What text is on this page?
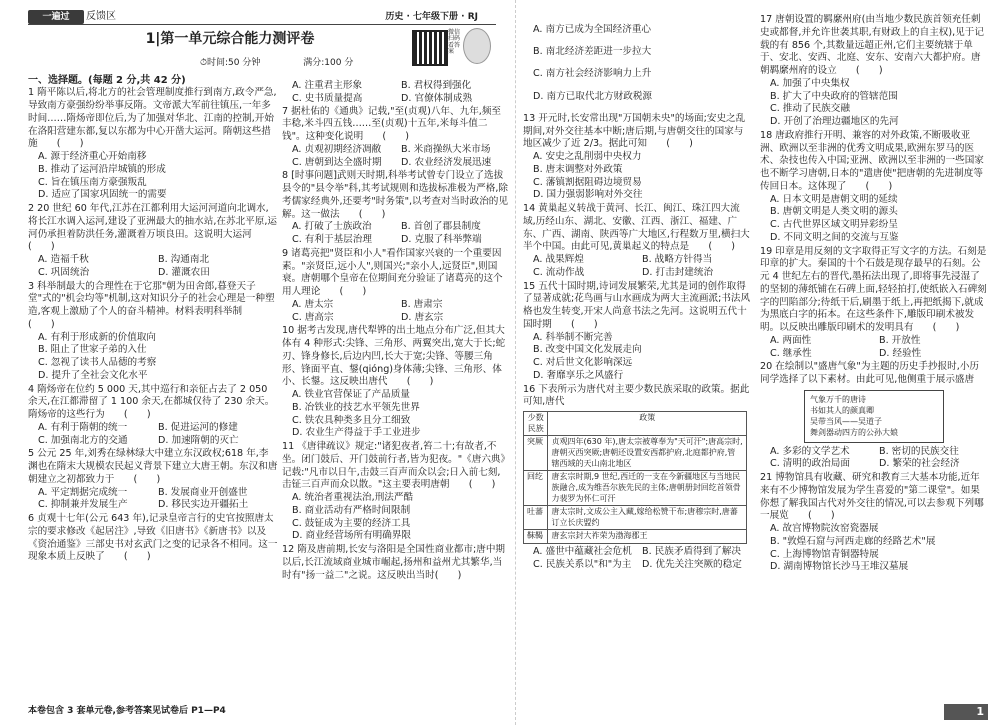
一遍过	反馈区	历史 · 七年级下册 · RJ
1|第一单元综合能力测评卷	微信扫码看答案
⏱时间:50 分钟	满分:100 分
一、选择题。(每题 2 分,共 42 分)

1 隋平陈以后,将北方的社会管理制度推行到南方,政令严急,导致南方豪强纷纷举事反隋。文帝派大军前往镇压,一年多时间……隋炀帝即位后,为了加强对华北、江南的控制,开始在洛阳营建东都,复以东都为中心开凿大运河。隋朝这些措施　　(　　)

A. 源于经济重心开始南移

B. 推动了运河沿岸城镇的形成

C. 旨在镇压南方豪强叛乱

D. 适应了国家巩固统一的需要

2 20 世纪 60 年代,江苏在江都利用大运河河道向北调水,将长江水调入运河,建设了亚洲最大的抽水站,在苏北平原,运河仍承担着防洪任务,灌溉着万顷良田。这说明大运河　　(　　)

A. 造福千秋	B. 沟通南北
C. 巩固统治	D. 灌溉农田

3 科举制最大的合理性在于它那"朝为田舍郎,暮登天子堂"式的"机会均等"机制,这对知识分子的社会心理是一种塑造,客观上激励了个人的奋斗精神。材料表明科举制　　(　　)

A. 有利于形成新的价值取向

B. 阻止了世家子弟的入仕

C. 忽视了读书人品德的考察

D. 提升了全社会文化水平

4 隋炀帝在位约 5 000 天,其中巡行和亲征占去了 2 050 余天,在江都滞留了 1 100 余天,在都城仅待了 230 余天。隋炀帝的这些行为　　(　　)

A. 有利于隋朝的统一	B. 促进运河的修建
C. 加强南北方的交通	D. 加速隋朝的灭亡

5 公元 25 年,刘秀在绿林绿大中建立东汉政权;618 年,李渊也在隋末大规模农民起义背景下建立大唐王朝。东汉和唐朝建立之初都致力于　　(　　)

A. 平定割据完成统一	B. 发展商业开创盛世
C. 抑制兼并发展生产	D. 移民实边开疆拓土

6 贞观十七年(公元 643 年),记录皇帝言行的史官按照唐太宗的要求修改《起居注》,导致《旧唐书》《新唐书》以及《资治通鉴》三部史书对玄武门之变的记录各不相同。这一现象本质上反映了　　(　　)

A. 注重君主形象	B. 君权得到强化
C. 史书质量提高	D. 官僚体制成熟

7 据杜佑的《通典》记载,"至(贞观)八年、九年,频至丰稔,米斗四五钱……至(贞观)十五年,米每斗值二钱"。这种变化说明　　(　　)

A. 贞观初期经济凋敝	B. 米商操纵大米市场
C. 唐朝到达全盛时期	D. 农业经济发展迅速

8 [时事问题]武则天时期,科举考试曾专门设立了选拔县令的"县令举"科,其考试规则和选拔标准极为严格,除考儒家经典外,还要考"时务策",以考查对当时政治的见解。这一做法　　(　　)

A. 打破了士族政治	B. 首创了郡县制度
C. 有利于基层治理	D. 克服了科举弊端

9 诸葛亮把"贤臣和小人"看作国家兴衰的一个重要因素。"亲贤臣,远小人",则国兴;"亲小人,远贤臣",则国衰。唐朝哪个皇帝在位期间充分验证了诸葛亮的这个用人理论　　(　　)

A. 唐太宗	B. 唐肃宗
C. 唐高宗	D. 唐玄宗

10 据考古发现,唐代犁铧的出土地点分布广泛,但其大体有 4 种形式:尖锋、三角形、两翼突出,宽大于长;蛇刃、锋身修长,后边内凹,长大于宽;尖锋、等腰三角形、锋面平直、鋬(qióng)身体薄;尖锋、三角形、体小、长鋬。这反映出唐代　　(　　)

A. 铁业官营保证了产品质量

B. 冶铁业的技艺水平领先世界

C. 铁农具种类多且分工细致

D. 农业生产得益于手工业进步

11 《唐律疏议》规定:"诸犯夜者,笞二十;有故者,不坐。闭门鼓后、开门鼓前行者,皆为犯夜。"《唐六典》记载:"凡市以日午,击鼓三百声而众以会;日入前七刻,击钲三百声而众以散。"这主要表明唐朝　　(　　)

A. 统治者重视法治,刑法严酷

B. 商业活动有严格时间限制

C. 鼓钲成为主要的经济工具

D. 商业经营场所有明确界限

12 隋及唐前期,长安与洛阳是全国性商业都市;唐中期以后,长江流域商业城市崛起,扬州和益州尤其繁华,当时有"扬一益二"之说。这反映出当时(　　)

A. 南方已成为全国经济重心

B. 南北经济差距进一步拉大

C. 南方社会经济影响力上升

D. 南方已取代北方财政税源

13 开元时,长安常出现"万国朝未央"的场面;安史之乱期间,对外交往基本中断;唐后期,与唐朝交往的国家与地区减少了近 2/3。据此可知　　(　　)

A. 安史之乱削弱中央权力

B. 唐末调整对外政策

C. 藩镇割据阻碍边境贸易

D. 国力强弱影响对外交往

14 黄巢起义转战于黄河、长江、闽江、珠江四大流域,历经山东、湖北、安徽、江西、浙江、福建、广东、广西、湖南、陕西等广大地区,行程数万里,横扫大半个中国。由此可见,黄巢起义的特点是　　(　　)

A. 战果辉煌	B. 战略方针得当
C. 流动作战	D. 打击封建统治

15 五代十国时期,诗词发展繁荣,尤其是词的创作取得了显著成就;花鸟画与山水画成为两大主流画派;书法风格也发生转变,开宋人尚意书法之先河。这说明五代十国时期　　(　　)

A. 科举制不断完善

B. 改变中国文化发展走向

C. 对后世文化影响深远

D. 奢靡享乐之风盛行

16 下表所示为唐代对主要少数民族采取的政策。据此可知,唐代

少数民族	政策
突厥	贞观四年(630 年),唐太宗被尊奉为"天可汗";唐高宗时,唐朝灭西突厥;唐朝还设置安西都护府,北庭都护府,管辖西域的天山南北地区
回纥	唐玄宗时期,9 世纪,西迁的一支在今新疆地区与当地民族融合,成为维吾尔族先民的主体;唐朝册封回纥首领骨力裴罗为怀仁可汗
吐蕃	唐太宗时,文成公主入藏,嫁给松赞干布;唐穆宗时,唐蕃订立长庆盟约
靺鞨	唐玄宗封大祚荣为渤海郡王
A. 盛世中蕴藏社会危机	B. 民族矛盾得到了解决
C. 民族关系以"和"为主	D. 优先关注突厥的稳定

17 唐朝设置的羁縻州府(由当地少数民族首领充任刺史或都督,并允许世袭其职,有财政上的自主权),见于记载的有 856 个,其数量远超正州,它们主要统辖于单于、安北、安西、北庭、安东、安南六大都护府。唐朝羁縻州府的设立　　(　　)

A. 加强了中央集权

B. 扩大了中央政府的管辖范围

C. 推动了民族交融

D. 开创了治理边疆地区的先河

18 唐政府推行开明、兼容的对外政策,不断吸收亚洲、欧洲以至非洲的优秀文明成果,欧洲东罗马的医术、杂技也传入中国;亚洲、欧洲以至非洲的一些国家也不断学习唐朝,日本的"遣唐使"把唐朝的先进制度等传回日本。这体现了　　(　　)

A. 日本文明是唐朝文明的延续

B. 唐朝文明是人类文明的源头

C. 古代世界区域文明异彩纷呈

D. 不同文明之间的交流与互鉴

19 印章是用反刻的文字取得正写文字的方法。石刻是印章的扩大。秦国的十个石鼓是现存最早的石刻。公元 4 世纪左右的晋代,墨拓法出现了,即将事先浸湿了的坚韧的薄纸铺在石碑上面,轻轻拍打,使纸嵌入石碑刻字的凹陷部分;待纸干后,刷墨于纸上,再把纸揭下,就成为黑底白字的拓本。在这些条件下,雕版印刷术被发明。以反映出雕版印刷术的发明具有　　(　　)

A. 两面性	B. 开放性
C. 继承性	D. 经验性

20 在绘制以"盛唐气象"为主题的历史手抄报时,小历同学选择了以下素材。由此可见,他侧重于展示盛唐

气象万千的唐诗
书如其人的颜真卿
吴带当风——吴道子
舞剑器动四方的公孙大娘
A. 多彩的文学艺术	B. 密切的民族交往
C. 清明的政治局面	D. 繁荣的社会经济

21 博物馆具有收藏、研究和教育三大基本功能,近年来有不少博物馆发展为学生喜爱的"第二课堂"。如果你想了解我国古代对外交往的情况,可以去参观下列哪一展览　　(　　)

A. 故宫博物院汝窑瓷器展

B. "敦煌石窟与河西走廊的经路艺术"展

C. 上海博物馆青铜器特展

D. 湖南博物馆长沙马王堆汉墓展

本卷包含 3 套单元卷,参考答案见试卷后 P1—P4	1
